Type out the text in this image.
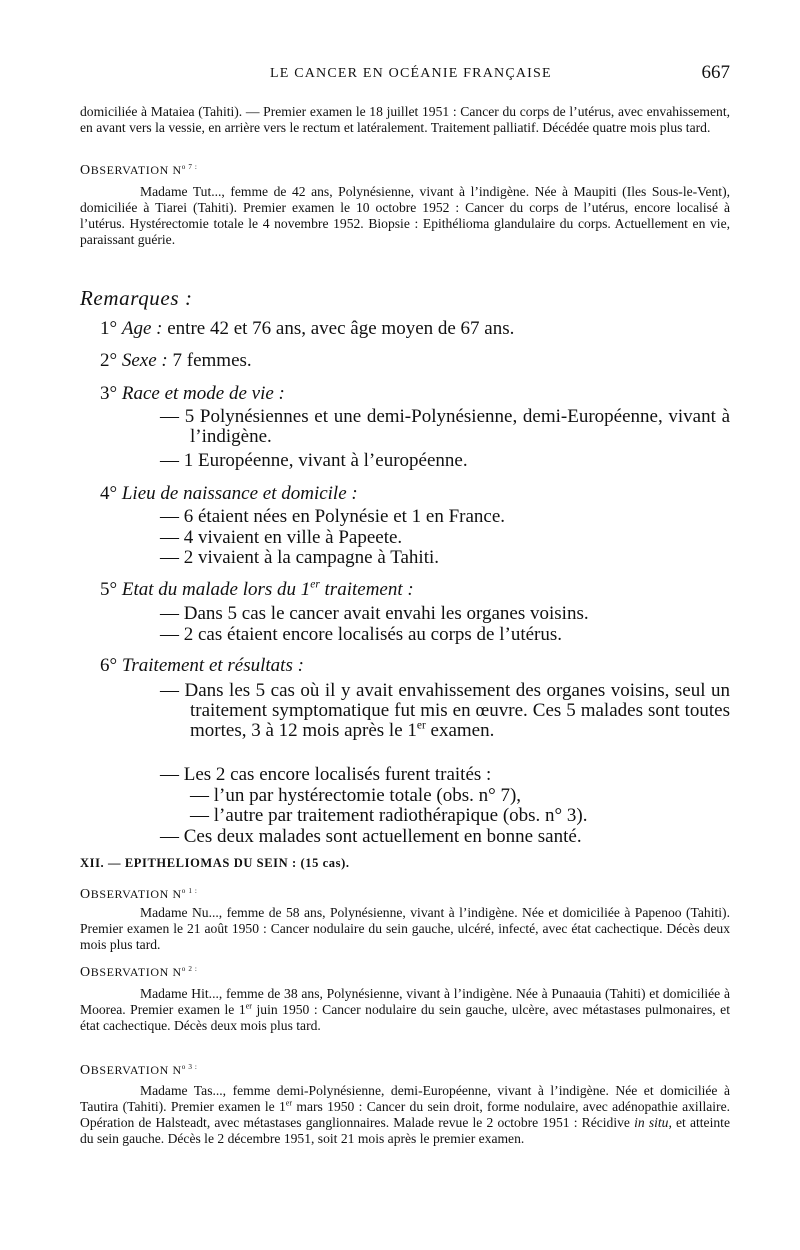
LE CANCER EN OCÉANIE FRANÇAISE	667
domiciliée à Mataiea (Tahiti). — Premier examen le 18 juillet 1951 : Cancer du corps de l’utérus, avec envahissement, en avant vers la vessie, en arrière vers le rectum et latéralement. Traitement palliatif. Décédée quatre mois plus tard.
OBSERVATION $N^{o 7 :}$
Madame Tut..., femme de 42 ans, Polynésienne, vivant à l’indigène. Née à Maupiti (Iles Sous-le-Vent), domiciliée à Tiarei (Tahiti). Premier examen le 10 octobre 1952 : Cancer du corps de l’utérus, encore localisé à l’utérus. Hystérectomie totale le 4 novembre 1952. Biopsie : Epithélioma glandulaire du corps. Actuellement en vie, paraissant guérie.
Remarques :
1° Age : entre 42 et 76 ans, avec âge moyen de 67 ans.
2° Sexe : 7 femmes.
3° Race et mode de vie :
— 5 Polynésiennes et une demi-Polynésienne, demi-Européenne, vivant à l’indigène.
— 1 Européenne, vivant à l’européenne.
4° Lieu de naissance et domicile :
— 6 étaient nées en Polynésie et 1 en France.
— 4 vivaient en ville à Papeete.
— 2 vivaient à la campagne à Tahiti.
5° Etat du malade lors du 1er traitement :
— Dans 5 cas le cancer avait envahi les organes voisins.
— 2 cas étaient encore localisés au corps de l’utérus.
6° Traitement et résultats :
— Dans les 5 cas où il y avait envahissement des organes voisins, seul un traitement symptomatique fut mis en œuvre. Ces 5 malades sont toutes mortes, 3 à 12 mois après le 1er examen.
— Les 2 cas encore localisés furent traités :
— l’un par hystérectomie totale (obs. n° 7),
— l’autre par traitement radiothérapique (obs. n° 3).
— Ces deux malades sont actuellement en bonne santé.
XII. — EPITHELIOMAS DU SEIN : (15 cas).
OBSERVATION $N^{o 1 :}$
Madame Nu..., femme de 58 ans, Polynésienne, vivant à l’indigène. Née et domiciliée à Papenoo (Tahiti). Premier examen le 21 août 1950 : Cancer nodulaire du sein gauche, ulcéré, infecté, avec état cachectique. Décès deux mois plus tard.
OBSERVATION $N^{o 2 :}$
Madame Hit..., femme de 38 ans, Polynésienne, vivant à l’indigène. Née à Punaauia (Tahiti) et domiciliée à Moorea. Premier examen le 1er juin 1950 : Cancer nodulaire du sein gauche, ulcère, avec métastases pulmonaires, et état cachectique. Décès deux mois plus tard.
OBSERVATION $N^{o 3 :}$
Madame Tas..., femme demi-Polynésienne, demi-Européenne, vivant à l’indigène. Née et domiciliée à Tautira (Tahiti). Premier examen le 1er mars 1950 : Cancer du sein droit, forme nodulaire, avec adénopathie axillaire. Opération de Halsteadt, avec métastases ganglionnaires. Malade revue le 2 octobre 1951 : Récidive in situ, et atteinte du sein gauche. Décès le 2 décembre 1951, soit 21 mois après le premier examen.
